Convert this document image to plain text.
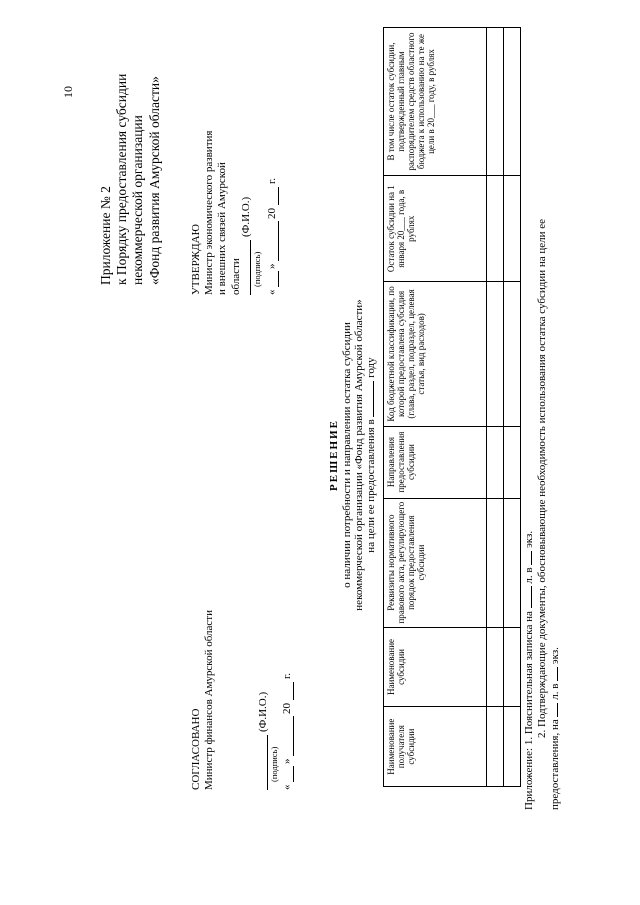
10
Приложение № 2 к Порядку предоставления субсидии некоммерческой организации «Фонд развития Амурской области»	УТВЕРЖДАЮ Министр экономического развития и внешних связей Амурской области
(Ф.И.О.)
(подпись)
«
»
20
г.
СОГЛАСОВАНО Министр финансов Амурской области	(Ф.И.О.)
(подпись)
«
»
20
г.
РЕШЕНИЕ о наличии потребности и направлении остатка субсидии некоммерческой организации «Фонд развития Амурской области» на цели ее предоставления в  году
Наименование получателя субсидии	Наименование субсидии	Реквизиты нормативного правового акта, регулирующего порядок предоставления субсидии	Направления предоставления субсидии	Код бюджетной классификации, по которой предоставлена субсидия (глава, раздел, подраздел, целевая статья, вид расходов)	Остаток субсидии на 1 января 20___ года, в рублях	В том числе остаток субсидии, подтвержденный главным распорядителем средств областного бюджета к использованию на те же цели в 20___ году, в рублях

Приложение: 1. Пояснительная записка на  л. в  экз. 2. Подтверждающие документы, обосновывающие необходимость использования остатка субсидии на цели ее
предоставления, на  л. в  экз.
